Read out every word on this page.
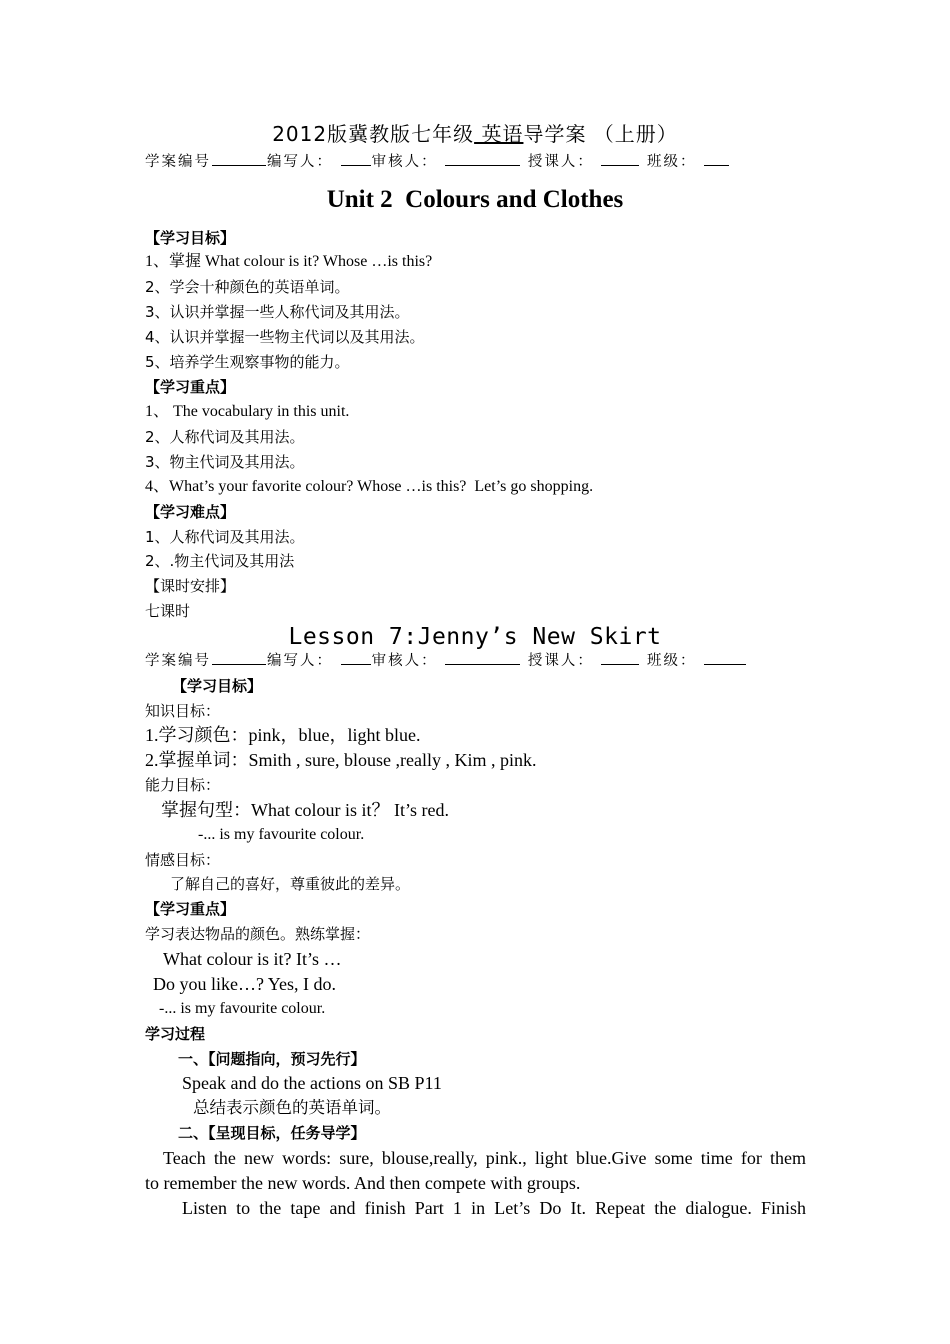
2012版冀教版七年级 英语导学案 （上册）
学案编号	编写人：	审核人：	授课人：	班级：
Unit 2  Colours and Clothes
【学习目标】
1、掌握 What colour is it? Whose …is this?
2、学会十种颜色的英语单词。
3、认识并掌握一些人称代词及其用法。
4、认识并掌握一些物主代词以及其用法。
5、培养学生观察事物的能力。
【学习重点】
1、 The vocabulary in this unit.
2、人称代词及其用法。
3、物主代词及其用法。
4、What’s your favorite colour? Whose …is this?  Let’s go shopping.
【学习难点】
1、人称代词及其用法。
2、.物主代词及其用法
【课时安排】
七课时
Lesson 7:Jenny’s New Skirt
学案编号	编写人：	审核人：	授课人：	班级：
【学习目标】
知识目标：
1.学习颜色：pink，blue，light blue.
2.掌握单词：Smith , sure, blouse ,really , Kim , pink.
能力目标：
掌握句型：What colour is it？ It’s red.
-... is my favourite colour.
情感目标：
了解自己的喜好，尊重彼此的差异。
【学习重点】
学习表达物品的颜色。熟练掌握：
What colour is it? It’s …
Do you like…? Yes, I do.
-... is my favourite colour.
学习过程
一、【问题指向，预习先行】
Speak and do the actions on SB P11
总结表示颜色的英语单词。
二、【呈现目标，任务导学】
Teach the new words: sure, blouse,really, pink., light blue.Give some time for them
to remember the new words. And then compete with groups.
Listen to the tape and finish Part 1 in Let’s Do It. Repeat the dialogue. Finish
